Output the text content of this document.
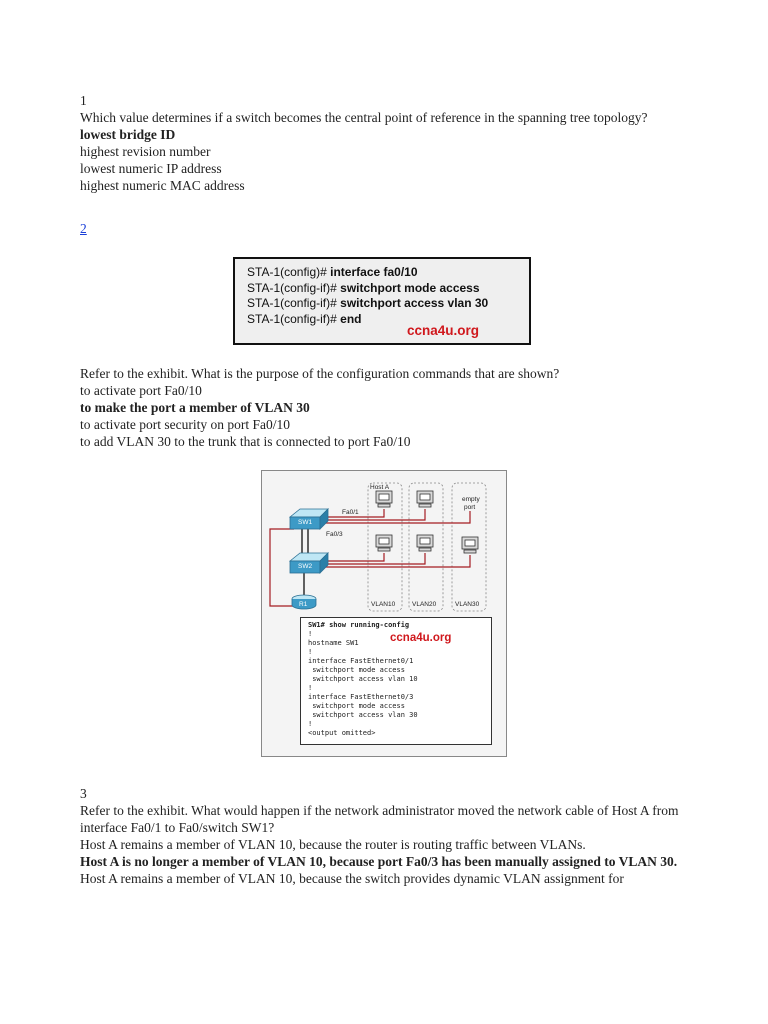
1
Which value determines if a switch becomes the central point of reference in the spanning tree topology?
lowest bridge ID
highest revision number
lowest numeric IP address
highest numeric MAC address
2
STA-1(config)# interface fa0/10
STA-1(config-if)# switchport mode access
STA-1(config-if)# switchport access vlan 30
STA-1(config-if)# end
ccna4u.org
Refer to the exhibit. What is the purpose of the configuration commands that are shown?
to activate port Fa0/10
to make the port a member of VLAN 30
to activate port security on port Fa0/10
to add VLAN 30 to the trunk that is connected to port Fa0/10
Host A
empty
port
Fa0/1
SW1
Fa0/3
SW2
R1	VLAN10	VLAN20	VLAN30
SW1# show running-config
!
hostname SW1
!
interface FastEthernet0/1
switchport mode access
switchport access vlan 10
!
interface FastEthernet0/3
switchport mode access
switchport access vlan 30
!
<output omitted>
ccna4u.org
3
Refer to the exhibit. What would happen if the network administrator moved the network cable of Host A from interface Fa0/1 to Fa0/switch SW1?
Host A remains a member of VLAN 10, because the router is routing traffic between VLANs.
Host A is no longer a member of VLAN 10, because port Fa0/3 has been manually assigned to VLAN 30.
Host A remains a member of VLAN 10, because the switch provides dynamic VLAN assignment for
